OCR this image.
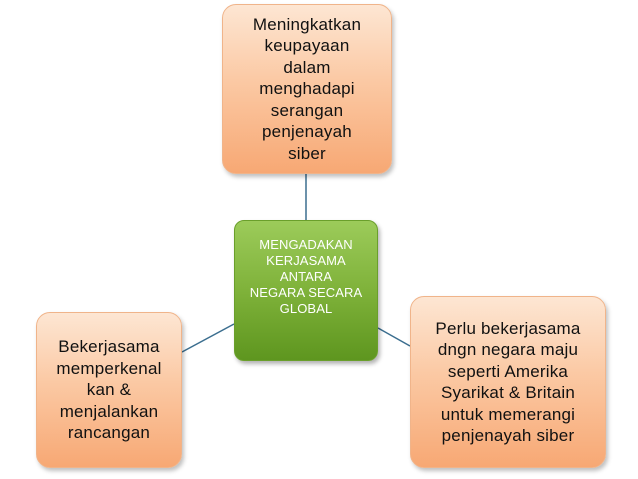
Meningkatkan
keupayaan
dalam
menghadapi
serangan
penjenayah
siber
MENGADAKAN
KERJASAMA
ANTARA
NEGARA SECARA
GLOBAL
Perlu bekerjasama
dngn negara maju
seperti Amerika
Syarikat & Britain
untuk memerangi
penjenayah siber
Bekerjasama
memperkenal
kan &
menjalankan
rancangan
